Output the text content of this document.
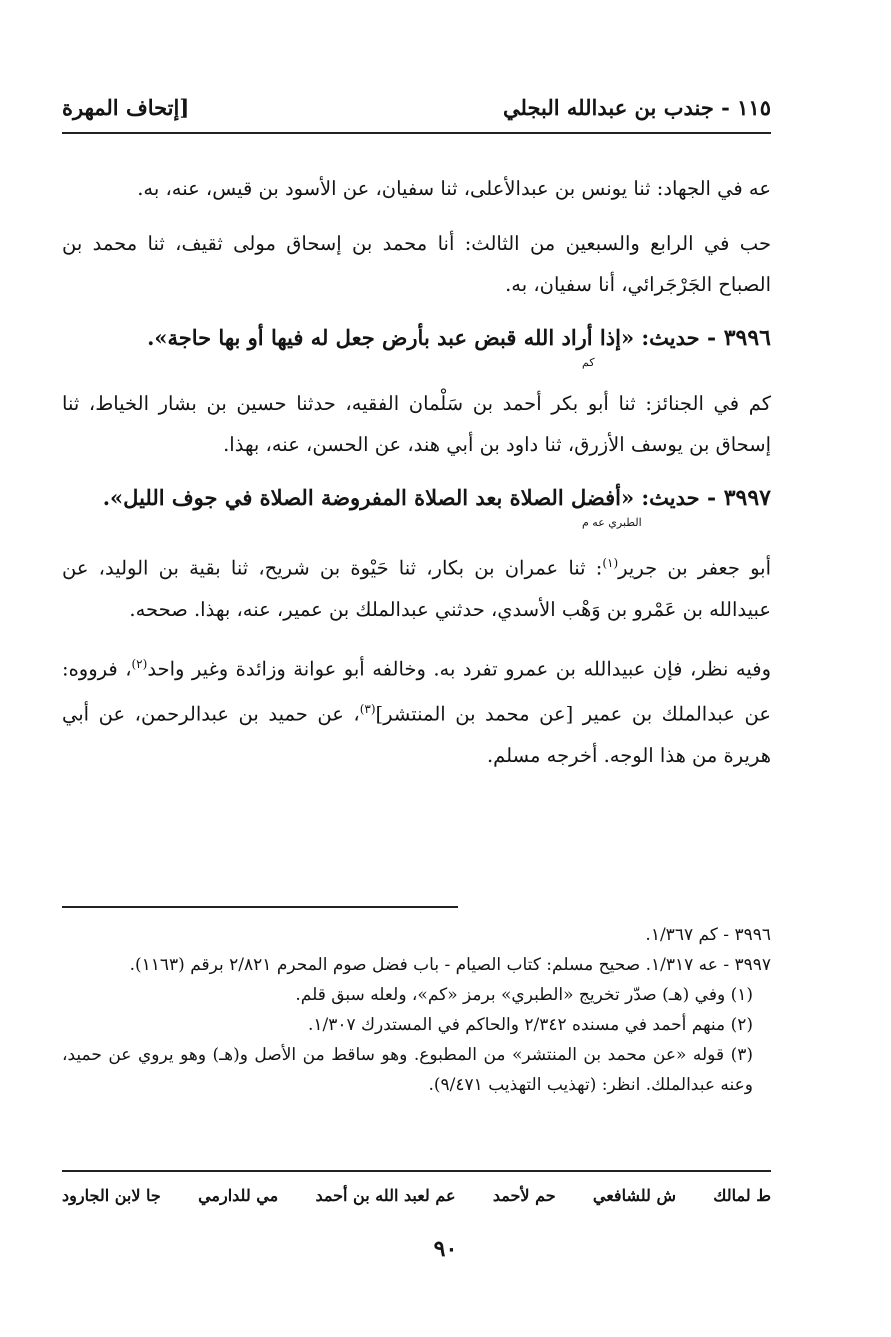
١١٥ - جندب بن عبدالله البجلي
[إتحاف المهرة

عه في الجهاد: ثنا يونس بن عبدالأعلى، ثنا سفيان، عن الأسود بن قيس، عنه، به.

حب في الرابع والسبعين من الثالث: أنا محمد بن إسحاق مولى ثقيف، ثنا محمد بن الصباح الجَرْجَرائي، أنا سفيان، به.

٣٩٩٦ - حديث: «إذا أراد الله قبض عبد بأرض جعل له فيها أو بها حاجة».
كم

كم في الجنائز: ثنا أبو بكر أحمد بن سَلْمان الفقيه، حدثنا حسين بن بشار الخياط، ثنا إسحاق بن يوسف الأزرق، ثنا داود بن أبي هند، عن الحسن، عنه، بهذا.

٣٩٩٧ - حديث: «أفضل الصلاة بعد الصلاة المفروضة الصلاة في جوف الليل».
الطبري عه م

أبو جعفر بن جرير$^{(١)}$: ثنا عمران بن بكار، ثنا حَيْوة بن شريح، ثنا بقية بن الوليد، عن عبيدالله بن عَمْرو بن وَهْب الأسدي، حدثني عبدالملك بن عمير، عنه، بهذا. صححه.

وفيه نظر، فإن عبيدالله بن عمرو تفرد به. وخالفه أبو عوانة وزائدة وغير واحد$^{(٢)}$، فرووه: عن عبدالملك بن عمير [عن محمد بن المنتشر]$^{(٣)}$، عن حميد بن عبدالرحمن، عن أبي هريرة من هذا الوجه. أخرجه مسلم.

٣٩٩٦ - كم ١/٣٦٧.

٣٩٩٧ - عه ١/٣١٧. صحيح مسلم: كتاب الصيام - باب فضل صوم المحرم ٢/٨٢١ برقم (١١٦٣).

(١) وفي (هـ) صدّر تخريج «الطبري» برمز «كم»، ولعله سبق قلم.

(٢) منهم أحمد في مسنده ٢/٣٤٢ والحاكم في المستدرك ١/٣٠٧.

(٣) قوله «عن محمد بن المنتشر» من المطبوع. وهو ساقط من الأصل و(هـ) وهو يروي عن حميد، وعنه عبدالملك. انظر: (تهذيب التهذيب ٩/٤٧١).

ط لمالك
ش للشافعي
حم لأحمد
عم لعبد الله بن أحمد
مي للدارمي
جا لابن الجارود
٩٠
